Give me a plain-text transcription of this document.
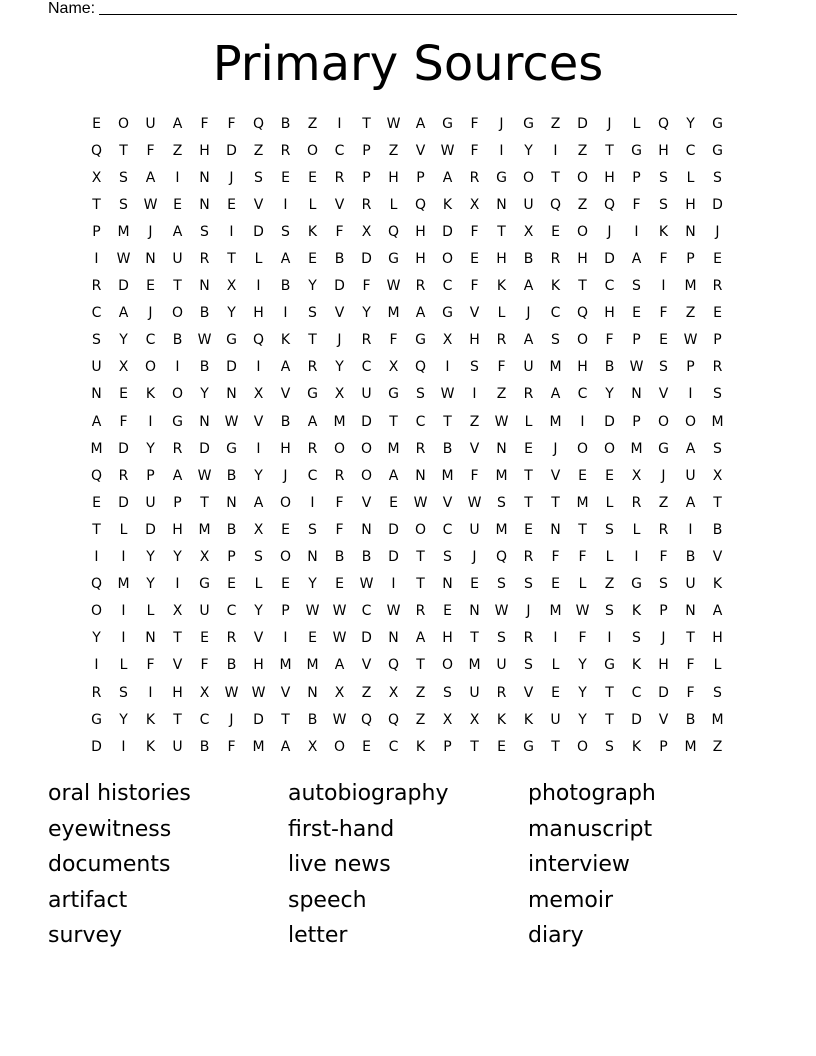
Name:
Primary Sources
E	O	U	A	F	F	Q	B	Z	I	T	W	A	G	F	J	G	Z	D	J	L	Q	Y	G
Q	T	F	Z	H	D	Z	R	O	C	P	Z	V	W	F	I	Y	I	Z	T	G	H	C	G
X	S	A	I	N	J	S	E	E	R	P	H	P	A	R	G	O	T	O	H	P	S	L	S
T	S	W	E	N	E	V	I	L	V	R	L	Q	K	X	N	U	Q	Z	Q	F	S	H	D
P	M	J	A	S	I	D	S	K	F	X	Q	H	D	F	T	X	E	O	J	I	K	N	J
I	W	N	U	R	T	L	A	E	B	D	G	H	O	E	H	B	R	H	D	A	F	P	E
R	D	E	T	N	X	I	B	Y	D	F	W	R	C	F	K	A	K	T	C	S	I	M	R
C	A	J	O	B	Y	H	I	S	V	Y	M	A	G	V	L	J	C	Q	H	E	F	Z	E
S	Y	C	B	W	G	Q	K	T	J	R	F	G	X	H	R	A	S	O	F	P	E	W	P
U	X	O	I	B	D	I	A	R	Y	C	X	Q	I	S	F	U	M	H	B	W	S	P	R
N	E	K	O	Y	N	X	V	G	X	U	G	S	W	I	Z	R	A	C	Y	N	V	I	S
A	F	I	G	N	W	V	B	A	M	D	T	C	T	Z	W	L	M	I	D	P	O	O	M
M	D	Y	R	D	G	I	H	R	O	O	M	R	B	V	N	E	J	O	O	M	G	A	S
Q	R	P	A	W	B	Y	J	C	R	O	A	N	M	F	M	T	V	E	E	X	J	U	X
E	D	U	P	T	N	A	O	I	F	V	E	W	V	W	S	T	T	M	L	R	Z	A	T
T	L	D	H	M	B	X	E	S	F	N	D	O	C	U	M	E	N	T	S	L	R	I	B
I	I	Y	Y	X	P	S	O	N	B	B	D	T	S	J	Q	R	F	F	L	I	F	B	V
Q	M	Y	I	G	E	L	E	Y	E	W	I	T	N	E	S	S	E	L	Z	G	S	U	K
O	I	L	X	U	C	Y	P	W W	C	W	R	E	N	W	J	M	W	S	K	P	N	A
Y	I	N	T	E	R	V	I	E	W	D	N	A	H	T	S	R	I	F	I	S	J	T	H
I	L	F	V	F	B	H	M	M	A	V	Q	T	O	M	U	S	L	Y	G	K	H	F	L
R	S	I	H	X	W W	V	N	X	Z	X	Z	S	U	R	V	E	Y	T	C	D	F	S
G	Y	K	T	C	J	D	T	B	W	Q	Q	Z	X	X	K	K	U	Y	T	D	V	B	M
D	I	K	U	B	F	M	A	X	O	E	C	K	P	T	E	G	T	O	S	K	P	M	Z
oral histories	autobiography	photograph
eyewitness	first-hand	manuscript
documents	live news	interview
artifact	speech	memoir
survey	letter	diary
